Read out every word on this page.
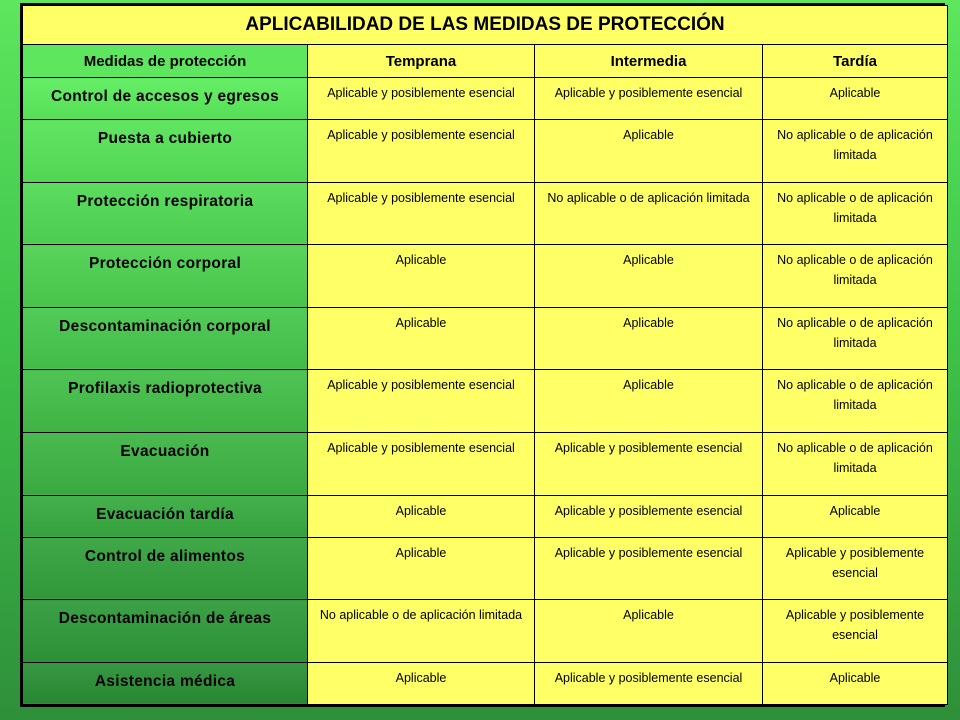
APLICABILIDAD DE LAS MEDIDAS DE PROTECCIÓN			
Medidas de protección	Temprana	Intermedia	Tardía
Control de accesos y egresos	Aplicable y posiblemente esencial	Aplicable y posiblemente esencial	Aplicable
Puesta a cubierto	Aplicable y posiblemente esencial	Aplicable	No aplicable o de aplicación limitada
Protección respiratoria	Aplicable y posiblemente esencial	No aplicable o de aplicación limitada	No aplicable o de aplicación limitada
Protección corporal	Aplicable	Aplicable	No aplicable o de aplicación limitada
Descontaminación corporal	Aplicable	Aplicable	No aplicable o de aplicación limitada
Profilaxis radioprotectiva	Aplicable y posiblemente esencial	Aplicable	No aplicable o de aplicación limitada
Evacuación	Aplicable y posiblemente esencial	Aplicable y posiblemente esencial	No aplicable o de aplicación limitada
Evacuación tardía	Aplicable	Aplicable y posiblemente esencial	Aplicable
Control de alimentos	Aplicable	Aplicable y posiblemente esencial	Aplicable y posiblemente esencial
Descontaminación de áreas	No aplicable o de aplicación limitada	Aplicable	Aplicable y posiblemente esencial
Asistencia médica	Aplicable	Aplicable y posiblemente esencial	Aplicable
